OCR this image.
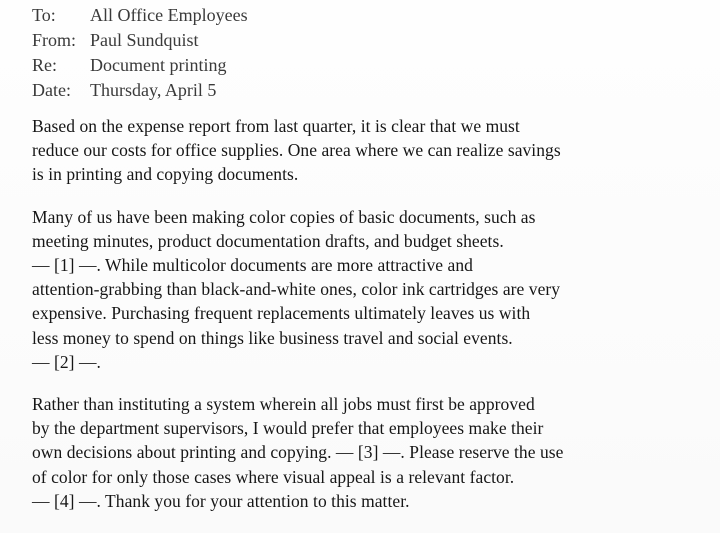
To:	All Office Employees
From: Paul Sundquist
Re:	Document printing
Date:	Thursday, April 5
Based on the expense report from last quarter, it is clear that we must
reduce our costs for office supplies. One area where we can realize savings
is in printing and copying documents.
Many of us have been making color copies of basic documents, such as
meeting minutes, product documentation drafts, and budget sheets.
— [1] —. While multicolor documents are more attractive and
attention-grabbing than black-and-white ones, color ink cartridges are very
expensive. Purchasing frequent replacements ultimately leaves us with
less money to spend on things like business travel and social events.
— [2] —.
Rather than instituting a system wherein all jobs must first be approved
by the department supervisors, I would prefer that employees make their
own decisions about printing and copying. — [3] —. Please reserve the use
of color for only those cases where visual appeal is a relevant factor.
— [4] —. Thank you for your attention to this matter.
